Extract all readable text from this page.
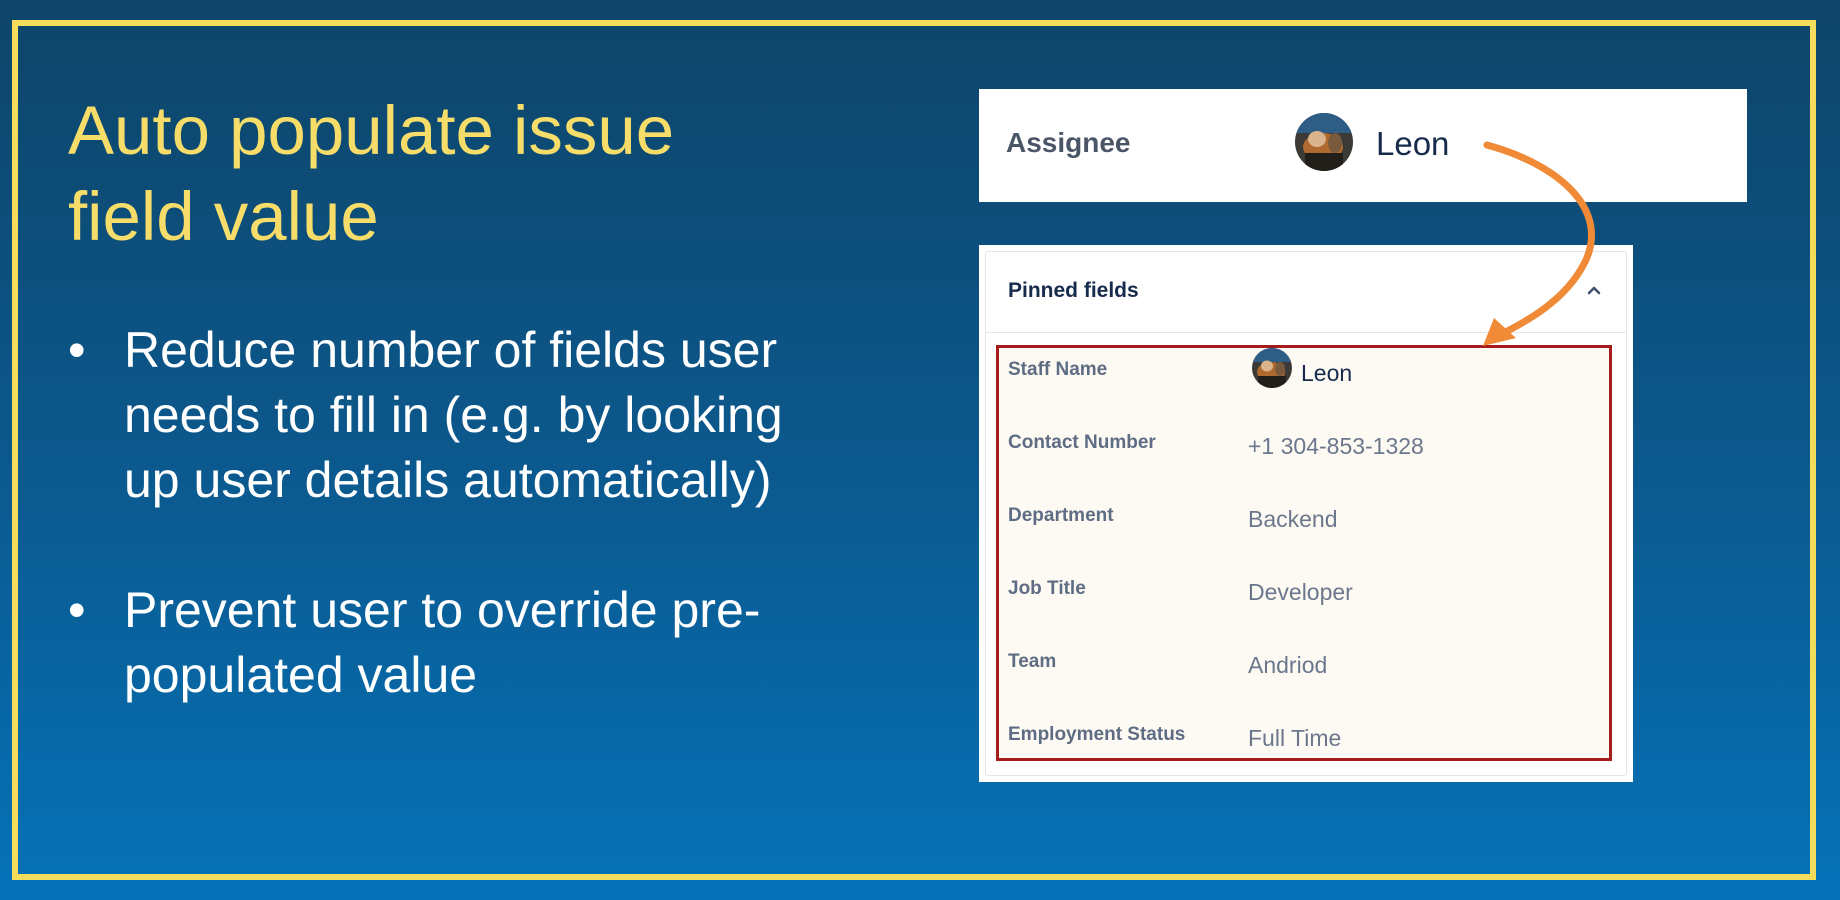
Auto populate issue field value
• Reduce number of fields user needs to fill in (e.g. by looking up user details automatically)
• Prevent user to override pre-populated value
Assignee	Leon
Pinned fields
Staff Name	Leon
Contact Number	+1 304-853-1328
Department	Backend
Job Title	Developer
Team	Andriod
Employment Status	Full Time
